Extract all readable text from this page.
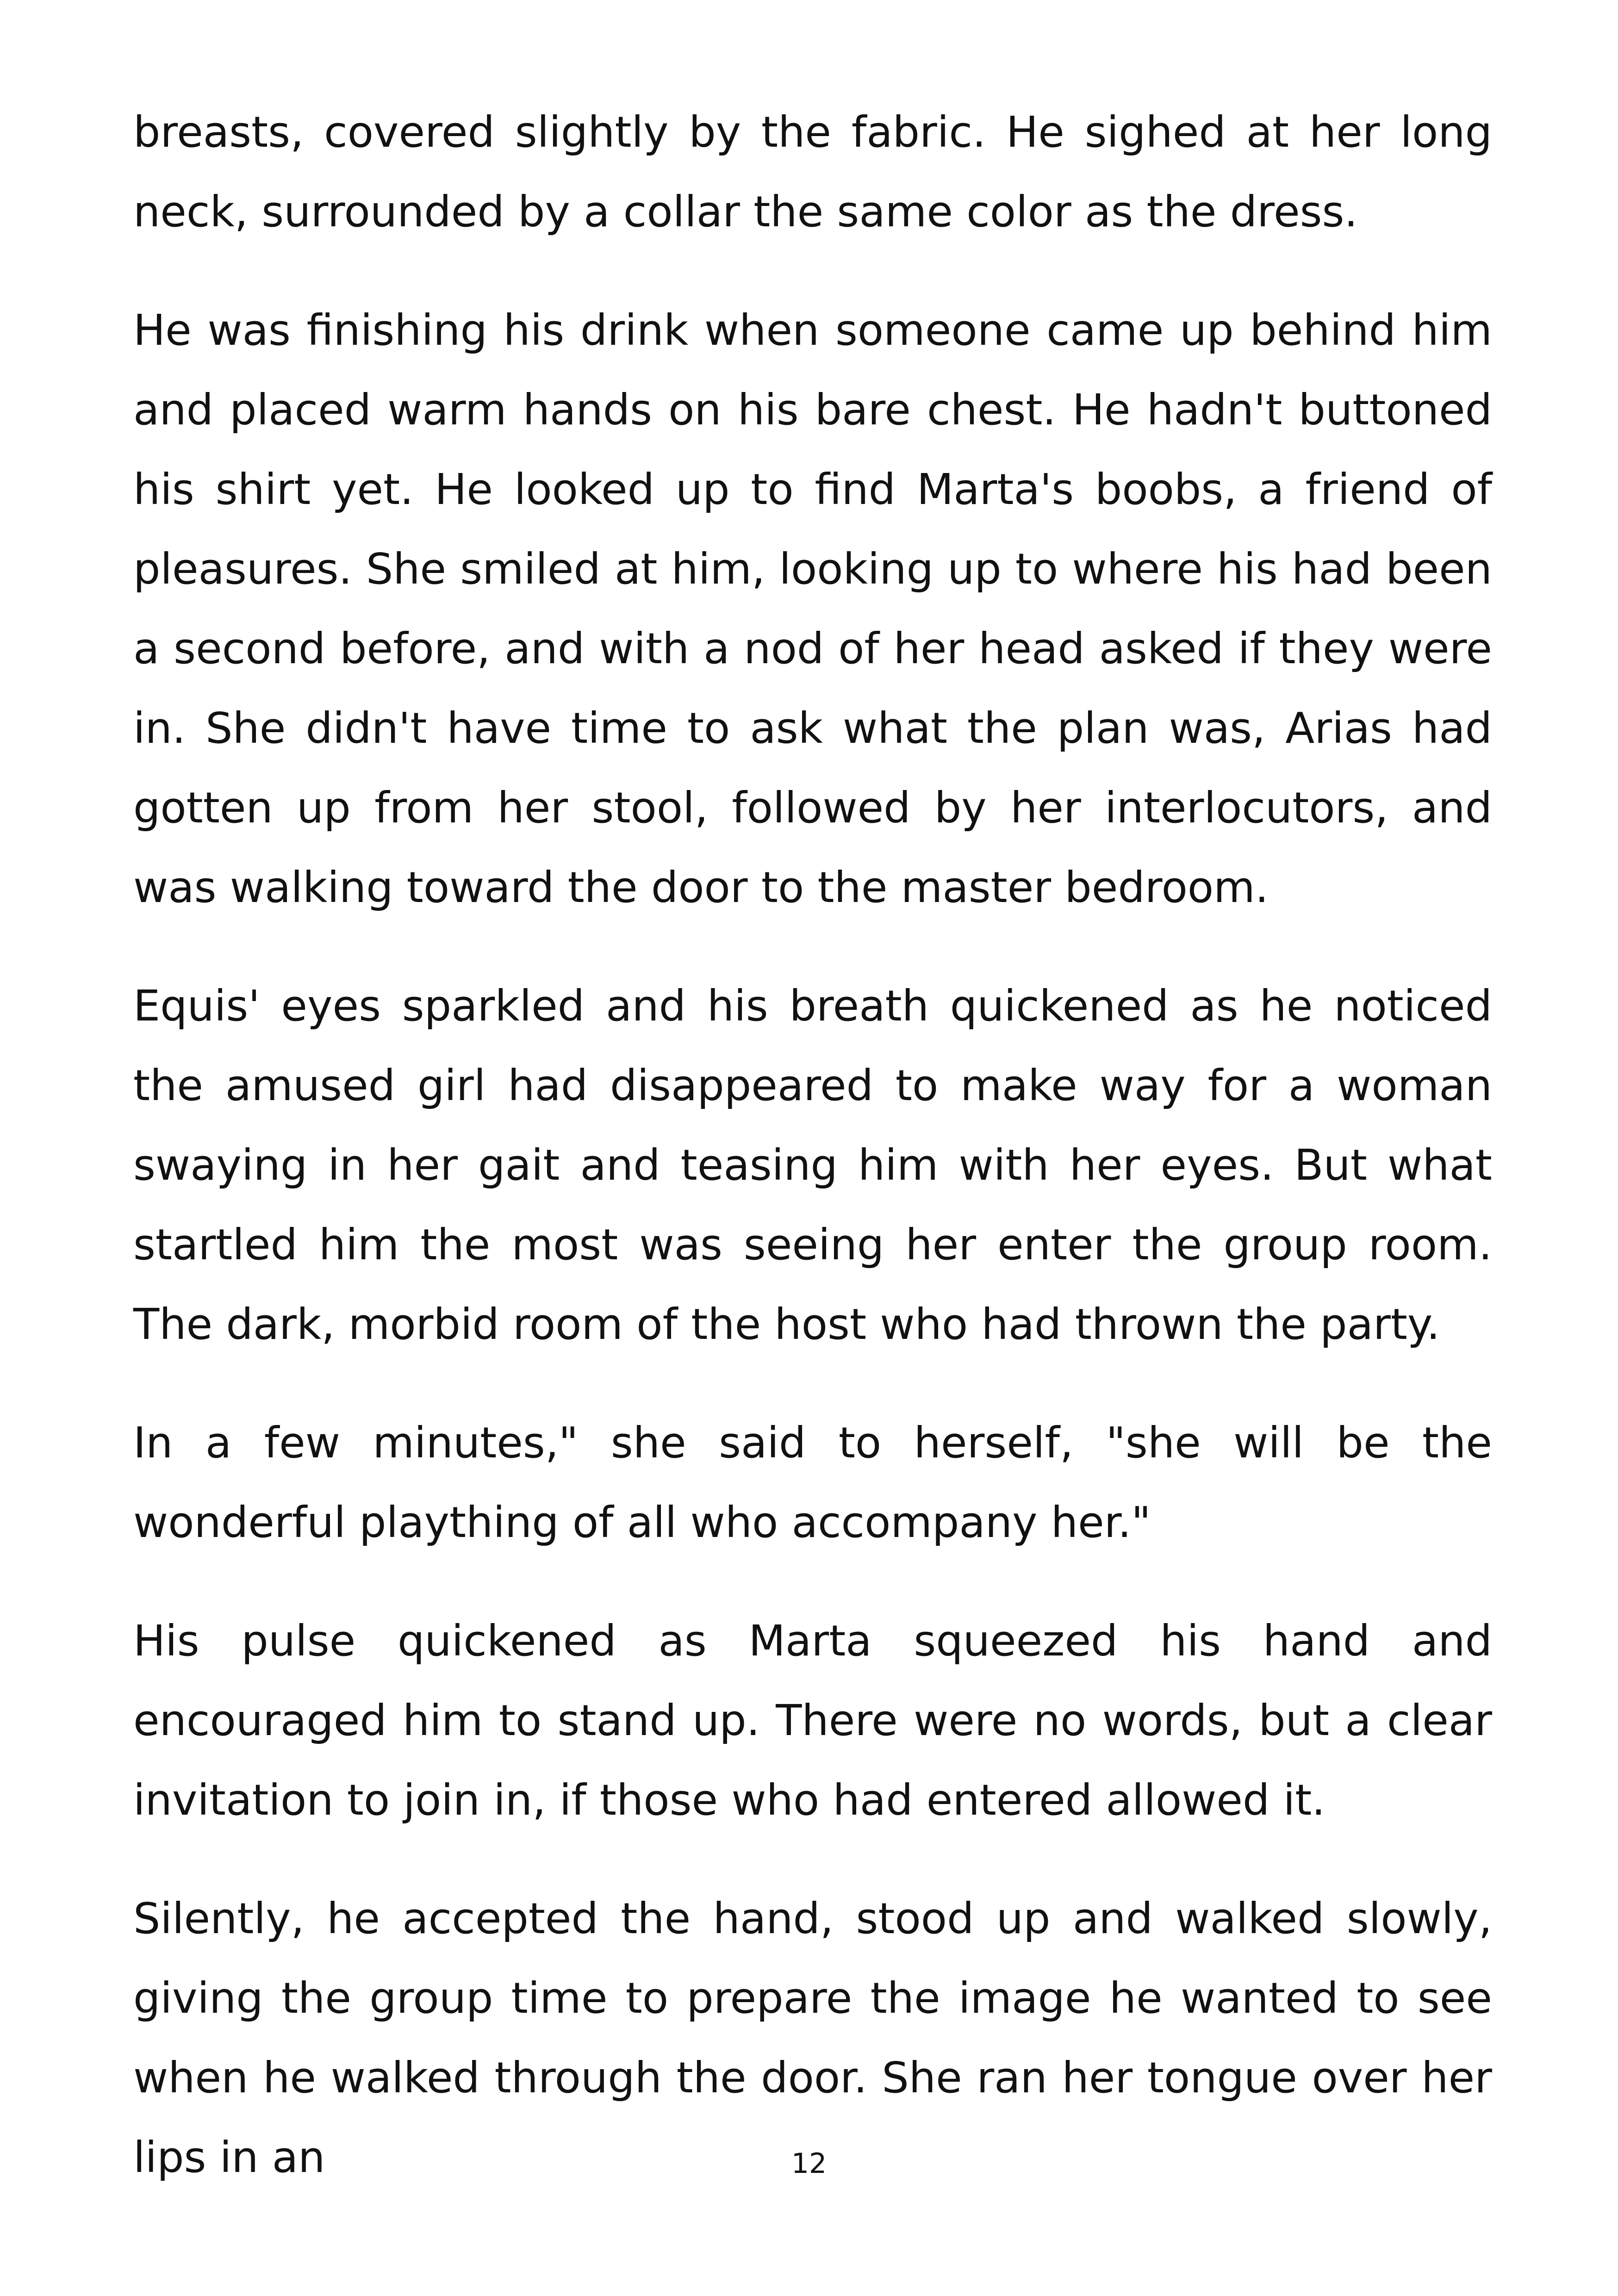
breasts, covered slightly by the fabric. He sighed at her long neck, surrounded by a collar the same color as the dress.

He was finishing his drink when someone came up behind him and placed warm hands on his bare chest. He hadn't buttoned his shirt yet. He looked up to find Marta's boobs, a friend of pleasures. She smiled at him, looking up to where his had been a second before, and with a nod of her head asked if they were in. She didn't have time to ask what the plan was, Arias had gotten up from her stool, followed by her interlocutors, and was walking toward the door to the master bedroom.

Equis' eyes sparkled and his breath quickened as he noticed the amused girl had disappeared to make way for a woman swaying in her gait and teasing him with her eyes. But what startled him the most was seeing her enter the group room. The dark, morbid room of the host who had thrown the party.

In a few minutes," she said to herself, "she will be the wonderful plaything of all who accompany her."

His pulse quickened as Marta squeezed his hand and encouraged him to stand up. There were no words, but a clear invitation to join in, if those who had entered allowed it.

Silently, he accepted the hand, stood up and walked slowly, giving the group time to prepare the image he wanted to see when he walked through the door. She ran her tongue over her lips in an	12
